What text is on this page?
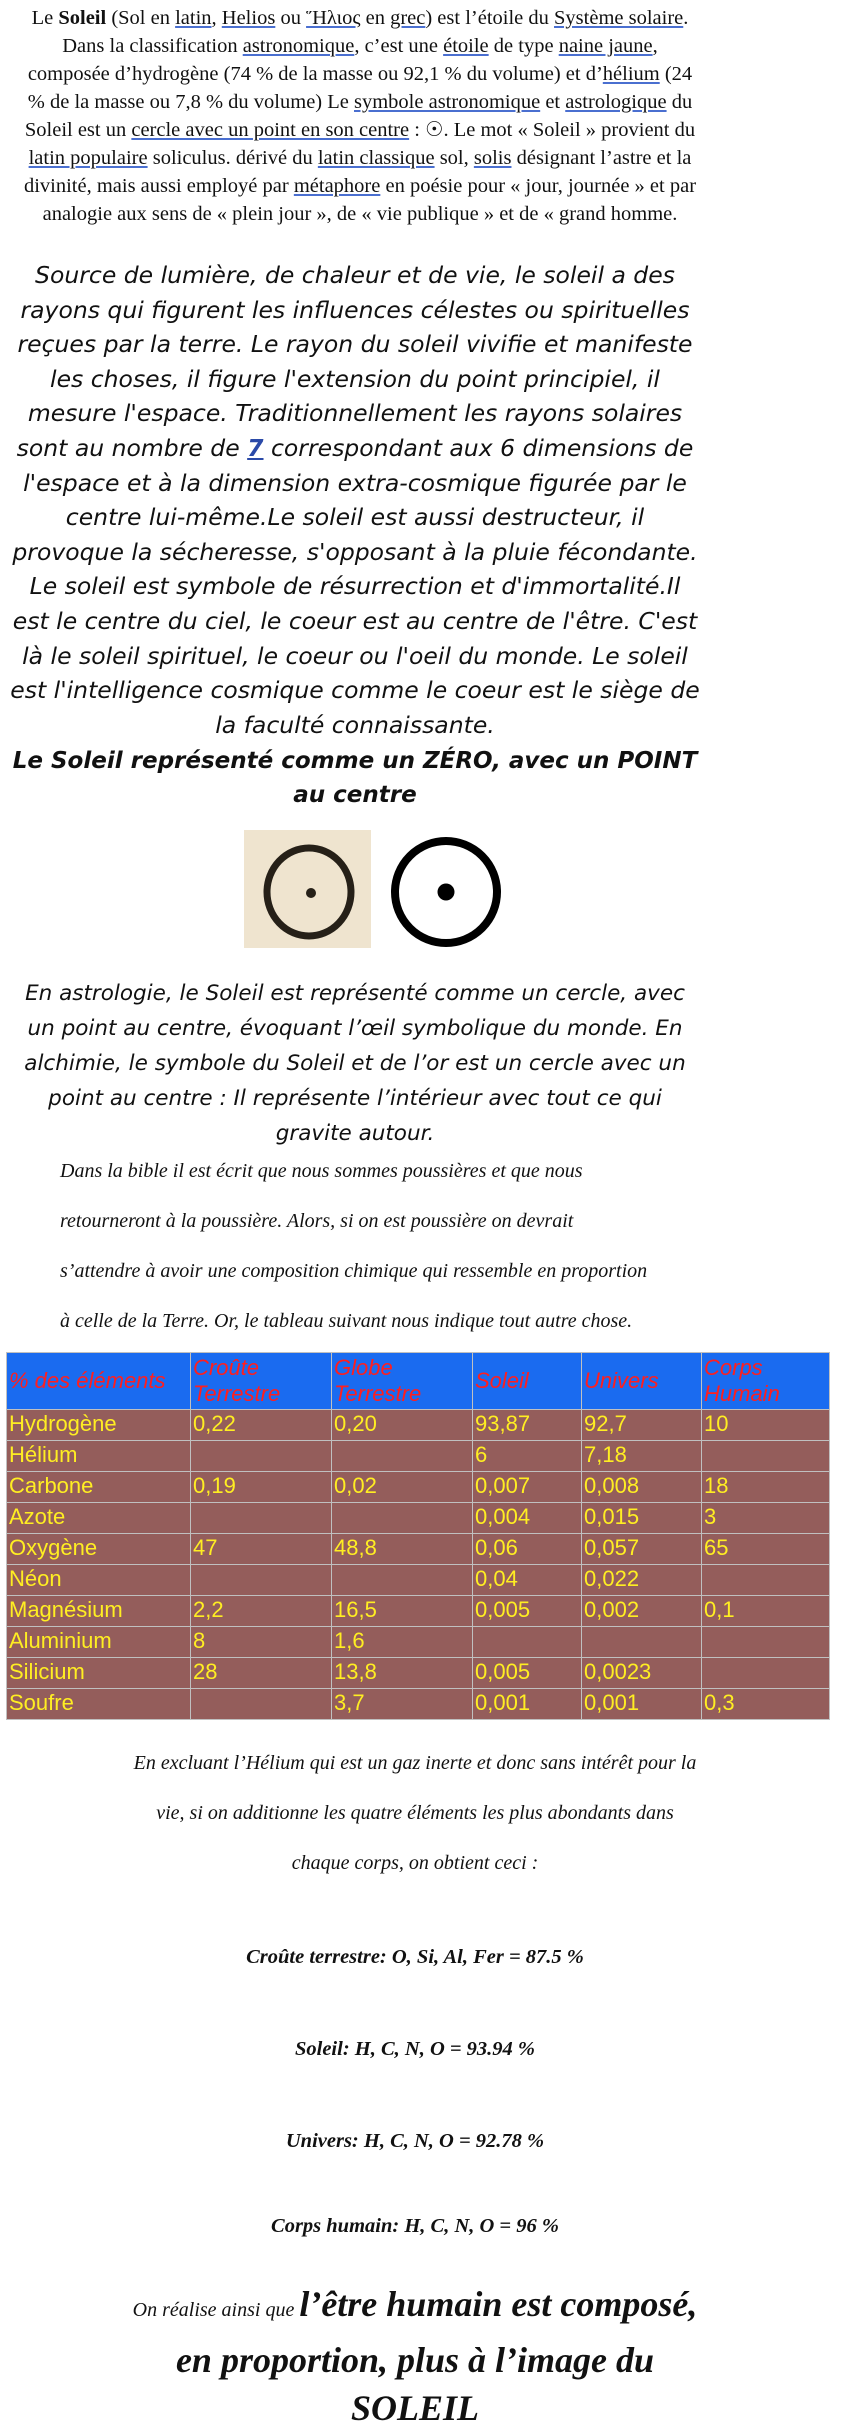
Le Soleil (Sol en latin, Helios ou Ἥλιος en grec) est l’étoile du Système solaire. Dans la classification astronomique, c’est une étoile de type naine jaune, composée d’hydrogène (74 % de la masse ou 92,1 % du volume) et d’hélium (24 % de la masse ou 7,8 % du volume) Le symbole astronomique et astrologique du Soleil est un cercle avec un point en son centre : ☉. Le mot « Soleil » provient du latin populaire soliculus. dérivé du latin classique sol, solis désignant l’astre et la divinité, mais aussi employé par métaphore en poésie pour « jour, journée » et par analogie aux sens de « plein jour », de « vie publique » et de « grand homme.
Source de lumière, de chaleur et de vie, le soleil a des rayons qui figurent les influences célestes ou spirituelles reçues par la terre. Le rayon du soleil vivifie et manifeste les choses, il figure l'extension du point principiel, il mesure l'espace. Traditionnellement les rayons solaires sont au nombre de 7 correspondant aux 6 dimensions de l'espace et à la dimension extra-cosmique figurée par le centre lui-même.Le soleil est aussi destructeur, il provoque la sécheresse, s'opposant à la pluie fécondante. Le soleil est symbole de résurrection et d'immortalité.Il est le centre du ciel, le coeur est au centre de l'être. C'est là le soleil spirituel, le coeur ou l'oeil du monde. Le soleil est l'intelligence cosmique comme le coeur est le siège de la faculté connaissante.
Le Soleil représenté comme un ZÉRO, avec un POINT au centre
En astrologie, le Soleil est représenté comme un cercle, avec un point au centre, évoquant l’œil symbolique du monde. En alchimie, le symbole du Soleil et de l’or est un cercle avec un point au centre : Il représente l’intérieur avec tout ce qui gravite autour.
Dans la bible il est écrit que nous sommes poussières et que nous
retourneront à la poussière. Alors, si on est poussière on devrait
s’attendre à avoir une composition chimique qui ressemble en proportion
à celle de la Terre. Or, le tableau suivant nous indique tout autre chose.
% des éléments	Croûte Terrestre	Globe Terrestre	Soleil	Univers	Corps Humain
Hydrogène	0,22	0,20	93,87	92,7	10
Hélium			6	7,18	
Carbone	0,19	0,02	0,007	0,008	18
Azote			0,004	0,015	3
Oxygène	47	48,8	0,06	0,057	65
Néon			0,04	0,022	
Magnésium	2,2	16,5	0,005	0,002	0,1
Aluminium	8	1,6			
Silicium	28	13,8	0,005	0,0023	
Soufre		3,7	0,001	0,001	0,3
En excluant l’Hélium qui est un gaz inerte et donc sans intérêt pour la
vie, si on additionne les quatre éléments les plus abondants dans
chaque corps, on obtient ceci :
Croûte terrestre: O, Si, Al, Fer = 87.5 %
Soleil: H, C, N, O = 93.94 %
Univers: H, C, N, O = 92.78 %
Corps humain: H, C, N, O = 96 %
On réalise ainsi que l’être humain est composé,
en proportion, plus à l’image du
SOLEIL
